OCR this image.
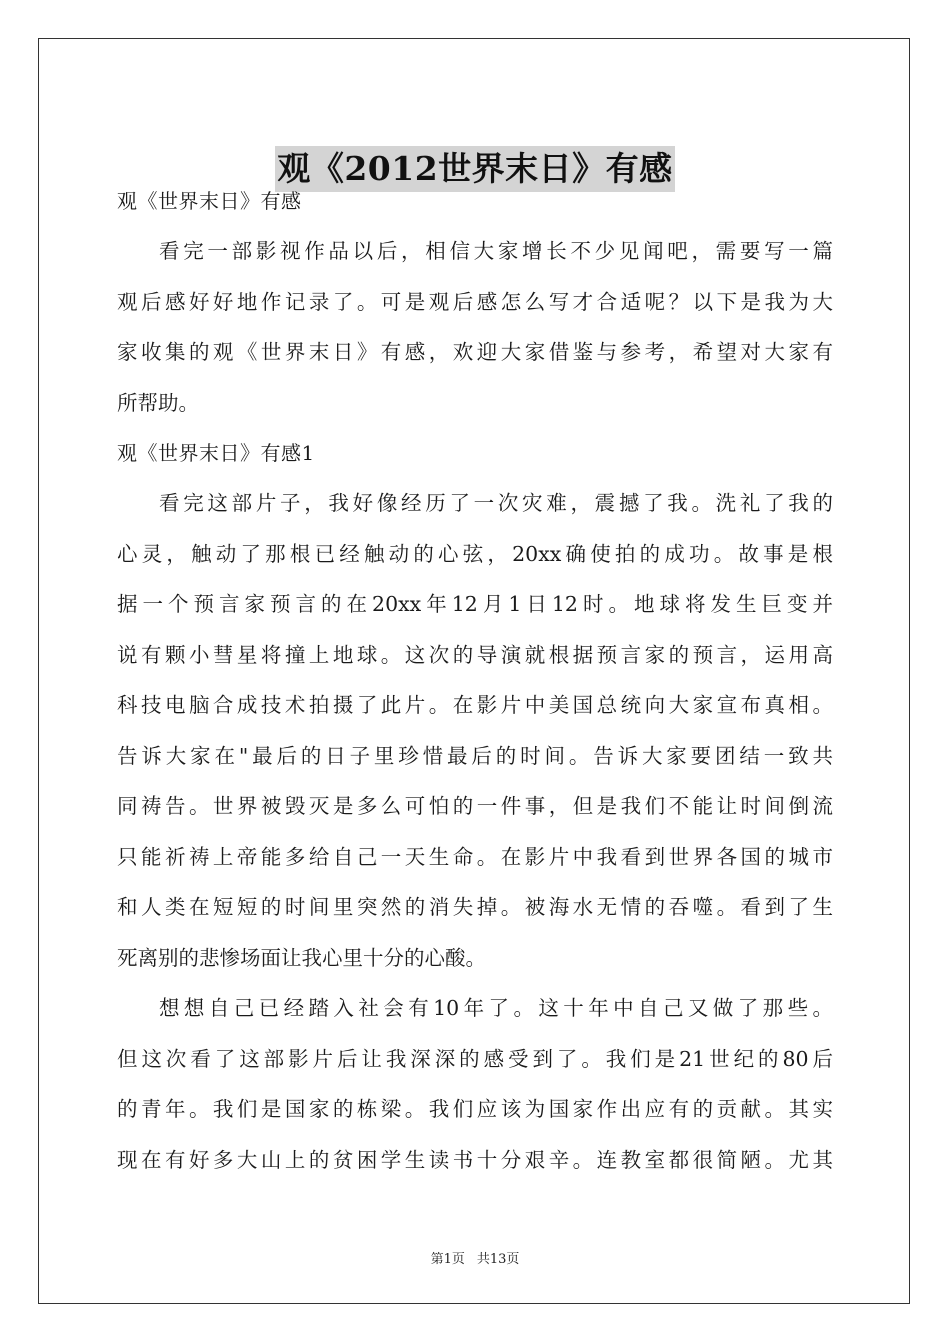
观《2012世界末日》有感

观《世界末日》有感

看完一部影视作品以后，相信大家增长不少见闻吧，需要写一篇
观后感好好地作记录了。可是观后感怎么写才合适呢？以下是我为大
家收集的观《世界末日》有感，欢迎大家借鉴与参考，希望对大家有
所帮助。

观《世界末日》有感1

看完这部片子，我好像经历了一次灾难，震撼了我。洗礼了我的
心灵，触动了那根已经触动的心弦，20xx确使拍的成功。故事是根
据一个预言家预言的在20xx年12月1日12时。地球将发生巨变并
说有颗小彗星将撞上地球。这次的导演就根据预言家的预言，运用高
科技电脑合成技术拍摄了此片。在影片中美国总统向大家宣布真相。
告诉大家在"最后的日子里珍惜最后的时间。告诉大家要团结一致共
同祷告。世界被毁灭是多么可怕的一件事，但是我们不能让时间倒流
只能祈祷上帝能多给自己一天生命。在影片中我看到世界各国的城市
和人类在短短的时间里突然的消失掉。被海水无情的吞噬。看到了生
死离别的悲惨场面让我心里十分的心酸。

想想自己已经踏入社会有10年了。这十年中自己又做了那些。
但这次看了这部影片后让我深深的感受到了。我们是21世纪的80后
的青年。我们是国家的栋梁。我们应该为国家作出应有的贡献。其实
现在有好多大山上的贫困学生读书十分艰辛。连教室都很简陋。尤其

第1页 共13页
